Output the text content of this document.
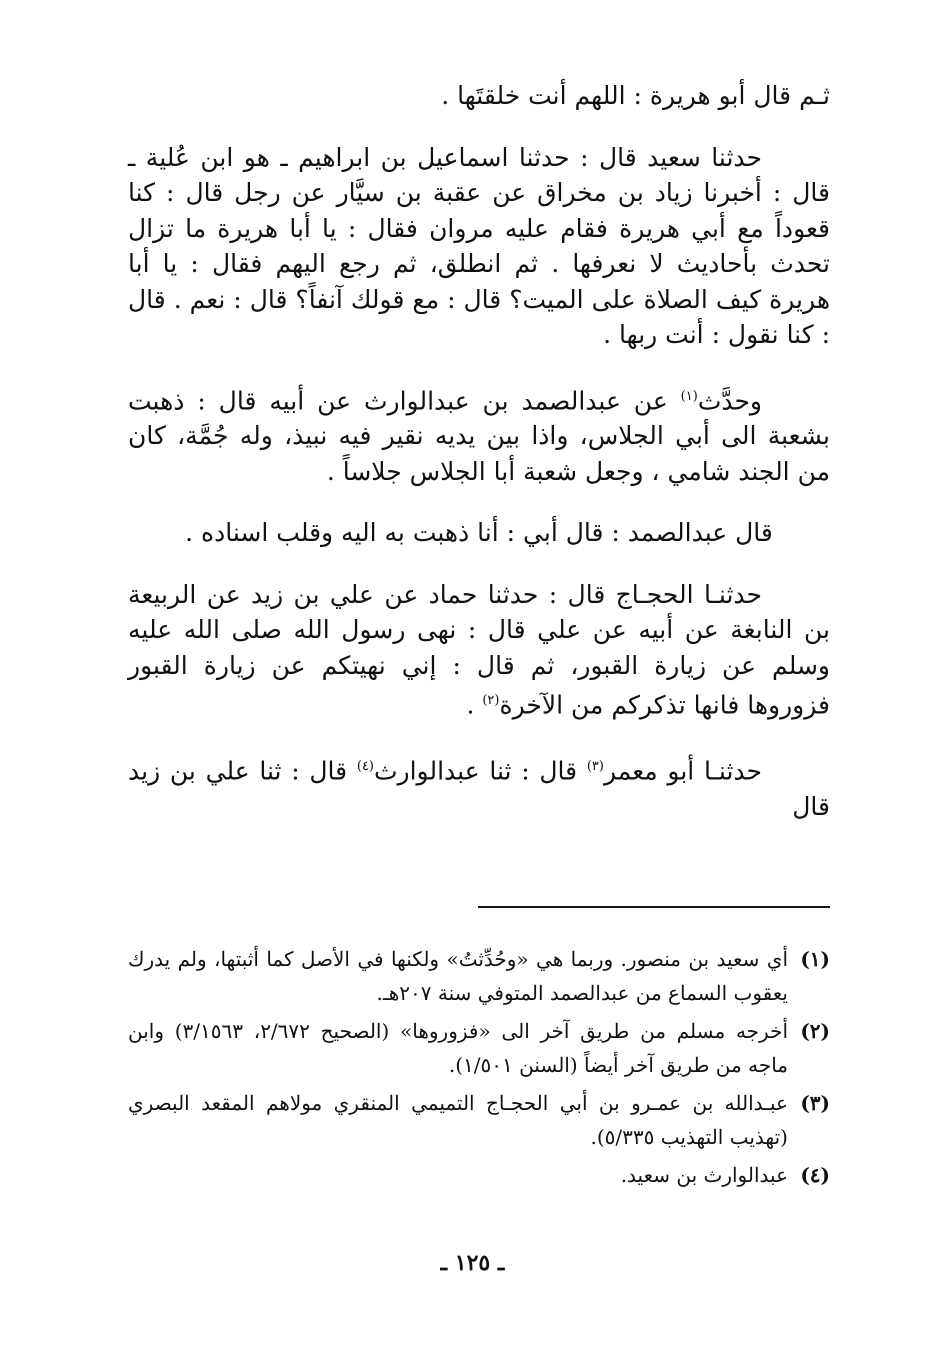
ثـم قال أبو هريرة : اللهم أنت خلقتَها .

حدثنا سعيد قال : حدثنا اسماعيل بن ابراهيم ـ هو ابن عُلية ـ قال : أخبرنا زياد بن مخراق عن عقبة بن سيَّار عن رجل قال : كنا قعوداً مع أبي هريرة فقام عليه مروان فقال : يا أبا هريرة ما تزال تحدث بأحاديث لا نعرفها . ثم انطلق، ثم رجع اليهم فقال : يا أبا هريرة كيف الصلاة على الميت؟ قال : مع قولك آنفاً؟ قال : نعم . قال : كنا نقول : أنت ربها .

وحدَّث$^{(١)}$ عن عبدالصمد بن عبدالوارث عن أبيه قال : ذهبت بشعبة الى أبي الجلاس، واذا بين يديه نقير فيه نبيذ، وله جُمَّة، كان من الجند شامي ، وجعل شعبة أبا الجلاس جلاساً .

قال عبدالصمد : قال أبي : أنا ذهبت به اليه وقلب اسناده .

حدثنـا الحجـاج قال : حدثنا حماد عن علي بن زيد عن الربيعة بن النابغة عن أبيه عن علي قال : نهى رسول الله صلى الله عليه وسلم عن زيارة القبور، ثم قال : إني نهيتكم عن زيارة القبور فزوروها فانها تذكركم من الآخرة$^{(٢)}$ .

حدثنـا أبو معمر$^{(٣)}$ قال : ثنا عبدالوارث$^{(٤)}$ قال : ثنا علي بن زيد قال

(١)
أي سعيد بن منصور. وربما هي «وحُدِّثتُ» ولكنها في الأصل كما أثبتها، ولم يدرك يعقوب السماع من عبدالصمد المتوفي سنة ٢٠٧هـ.
(٢)
أخرجه مسلم من طريق آخر الى «فزوروها» (الصحيح ٢/٦٧٢، ٣/١٥٦٣) وابن ماجه من طريق آخر أيضاً (السنن ١/٥٠١).
(٣)
عبـدالله بن عمـرو بن أبي الحجـاج التميمي المنقري مولاهم المقعد البصري (تهذيب التهذيب ٥/٣٣٥).
(٤)
عبدالوارث بن سعيد.
ـ ١٢٥ ـ
